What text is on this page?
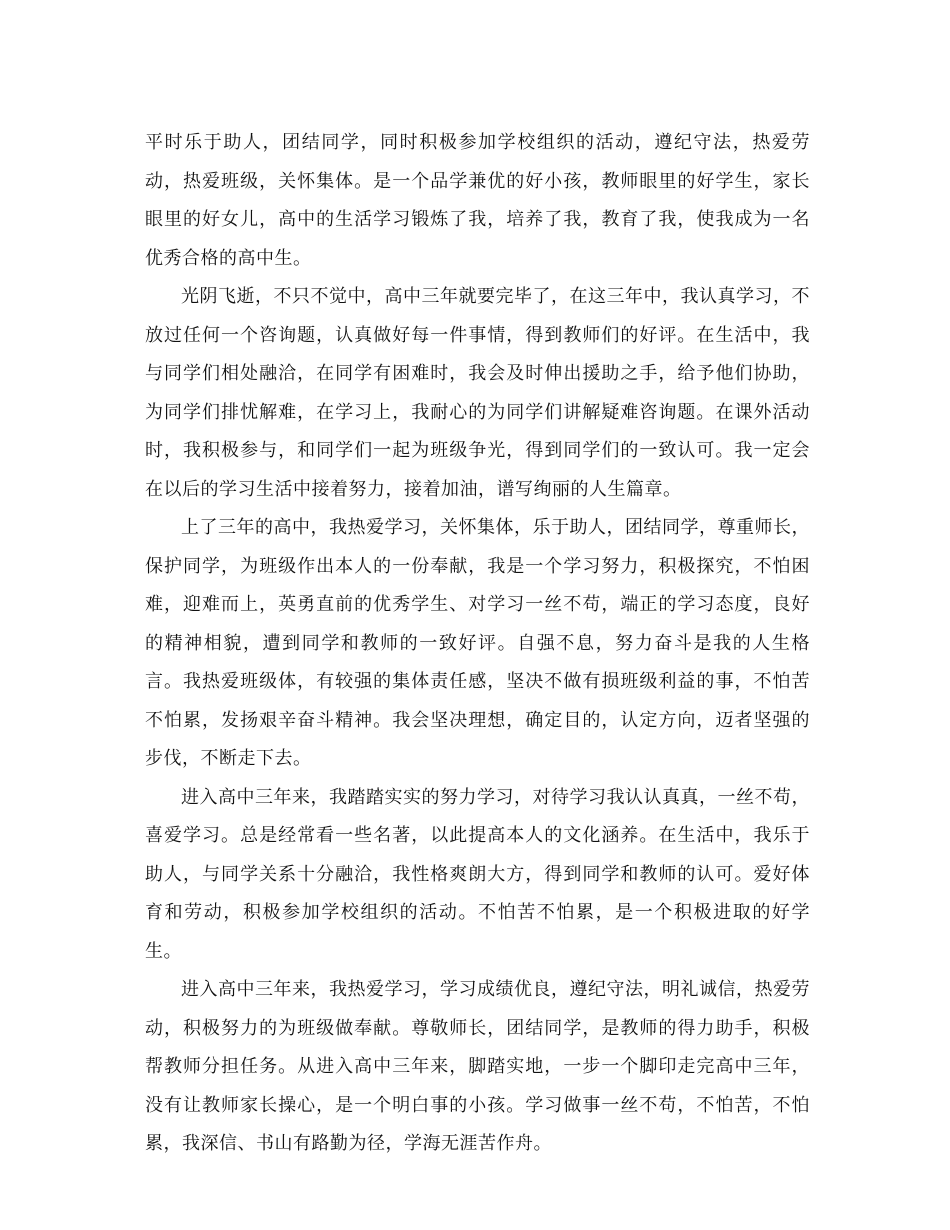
平时乐于助人，团结同学，同时积极参加学校组织的活动，遵纪守法，热爱劳动，热爱班级，关怀集体。是一个品学兼优的好小孩，教师眼里的好学生，家长眼里的好女儿，高中的生活学习锻炼了我，培养了我，教育了我，使我成为一名优秀合格的高中生。

光阴飞逝，不只不觉中，高中三年就要完毕了，在这三年中，我认真学习，不放过任何一个咨询题，认真做好每一件事情，得到教师们的好评。在生活中，我与同学们相处融洽，在同学有困难时，我会及时伸出援助之手，给予他们协助，为同学们排忧解难，在学习上，我耐心的为同学们讲解疑难咨询题。在课外活动时，我积极参与，和同学们一起为班级争光，得到同学们的一致认可。我一定会在以后的学习生活中接着努力，接着加油，谱写绚丽的人生篇章。

上了三年的高中，我热爱学习，关怀集体，乐于助人，团结同学，尊重师长，保护同学，为班级作出本人的一份奉献，我是一个学习努力，积极探究，不怕困难，迎难而上，英勇直前的优秀学生、对学习一丝不苟，端正的学习态度，良好的精神相貌，遭到同学和教师的一致好评。自强不息，努力奋斗是我的人生格言。我热爱班级体，有较强的集体责任感，坚决不做有损班级利益的事，不怕苦不怕累，发扬艰辛奋斗精神。我会坚决理想，确定目的，认定方向，迈者坚强的步伐，不断走下去。

进入高中三年来，我踏踏实实的努力学习，对待学习我认认真真，一丝不苟，喜爱学习。总是经常看一些名著，以此提高本人的文化涵养。在生活中，我乐于助人，与同学关系十分融洽，我性格爽朗大方，得到同学和教师的认可。爱好体育和劳动，积极参加学校组织的活动。不怕苦不怕累，是一个积极进取的好学生。

进入高中三年来，我热爱学习，学习成绩优良，遵纪守法，明礼诚信，热爱劳动，积极努力的为班级做奉献。尊敬师长，团结同学，是教师的得力助手，积极帮教师分担任务。从进入高中三年来，脚踏实地，一步一个脚印走完高中三年，没有让教师家长操心，是一个明白事的小孩。学习做事一丝不苟，不怕苦，不怕累，我深信、书山有路勤为径，学海无涯苦作舟。
